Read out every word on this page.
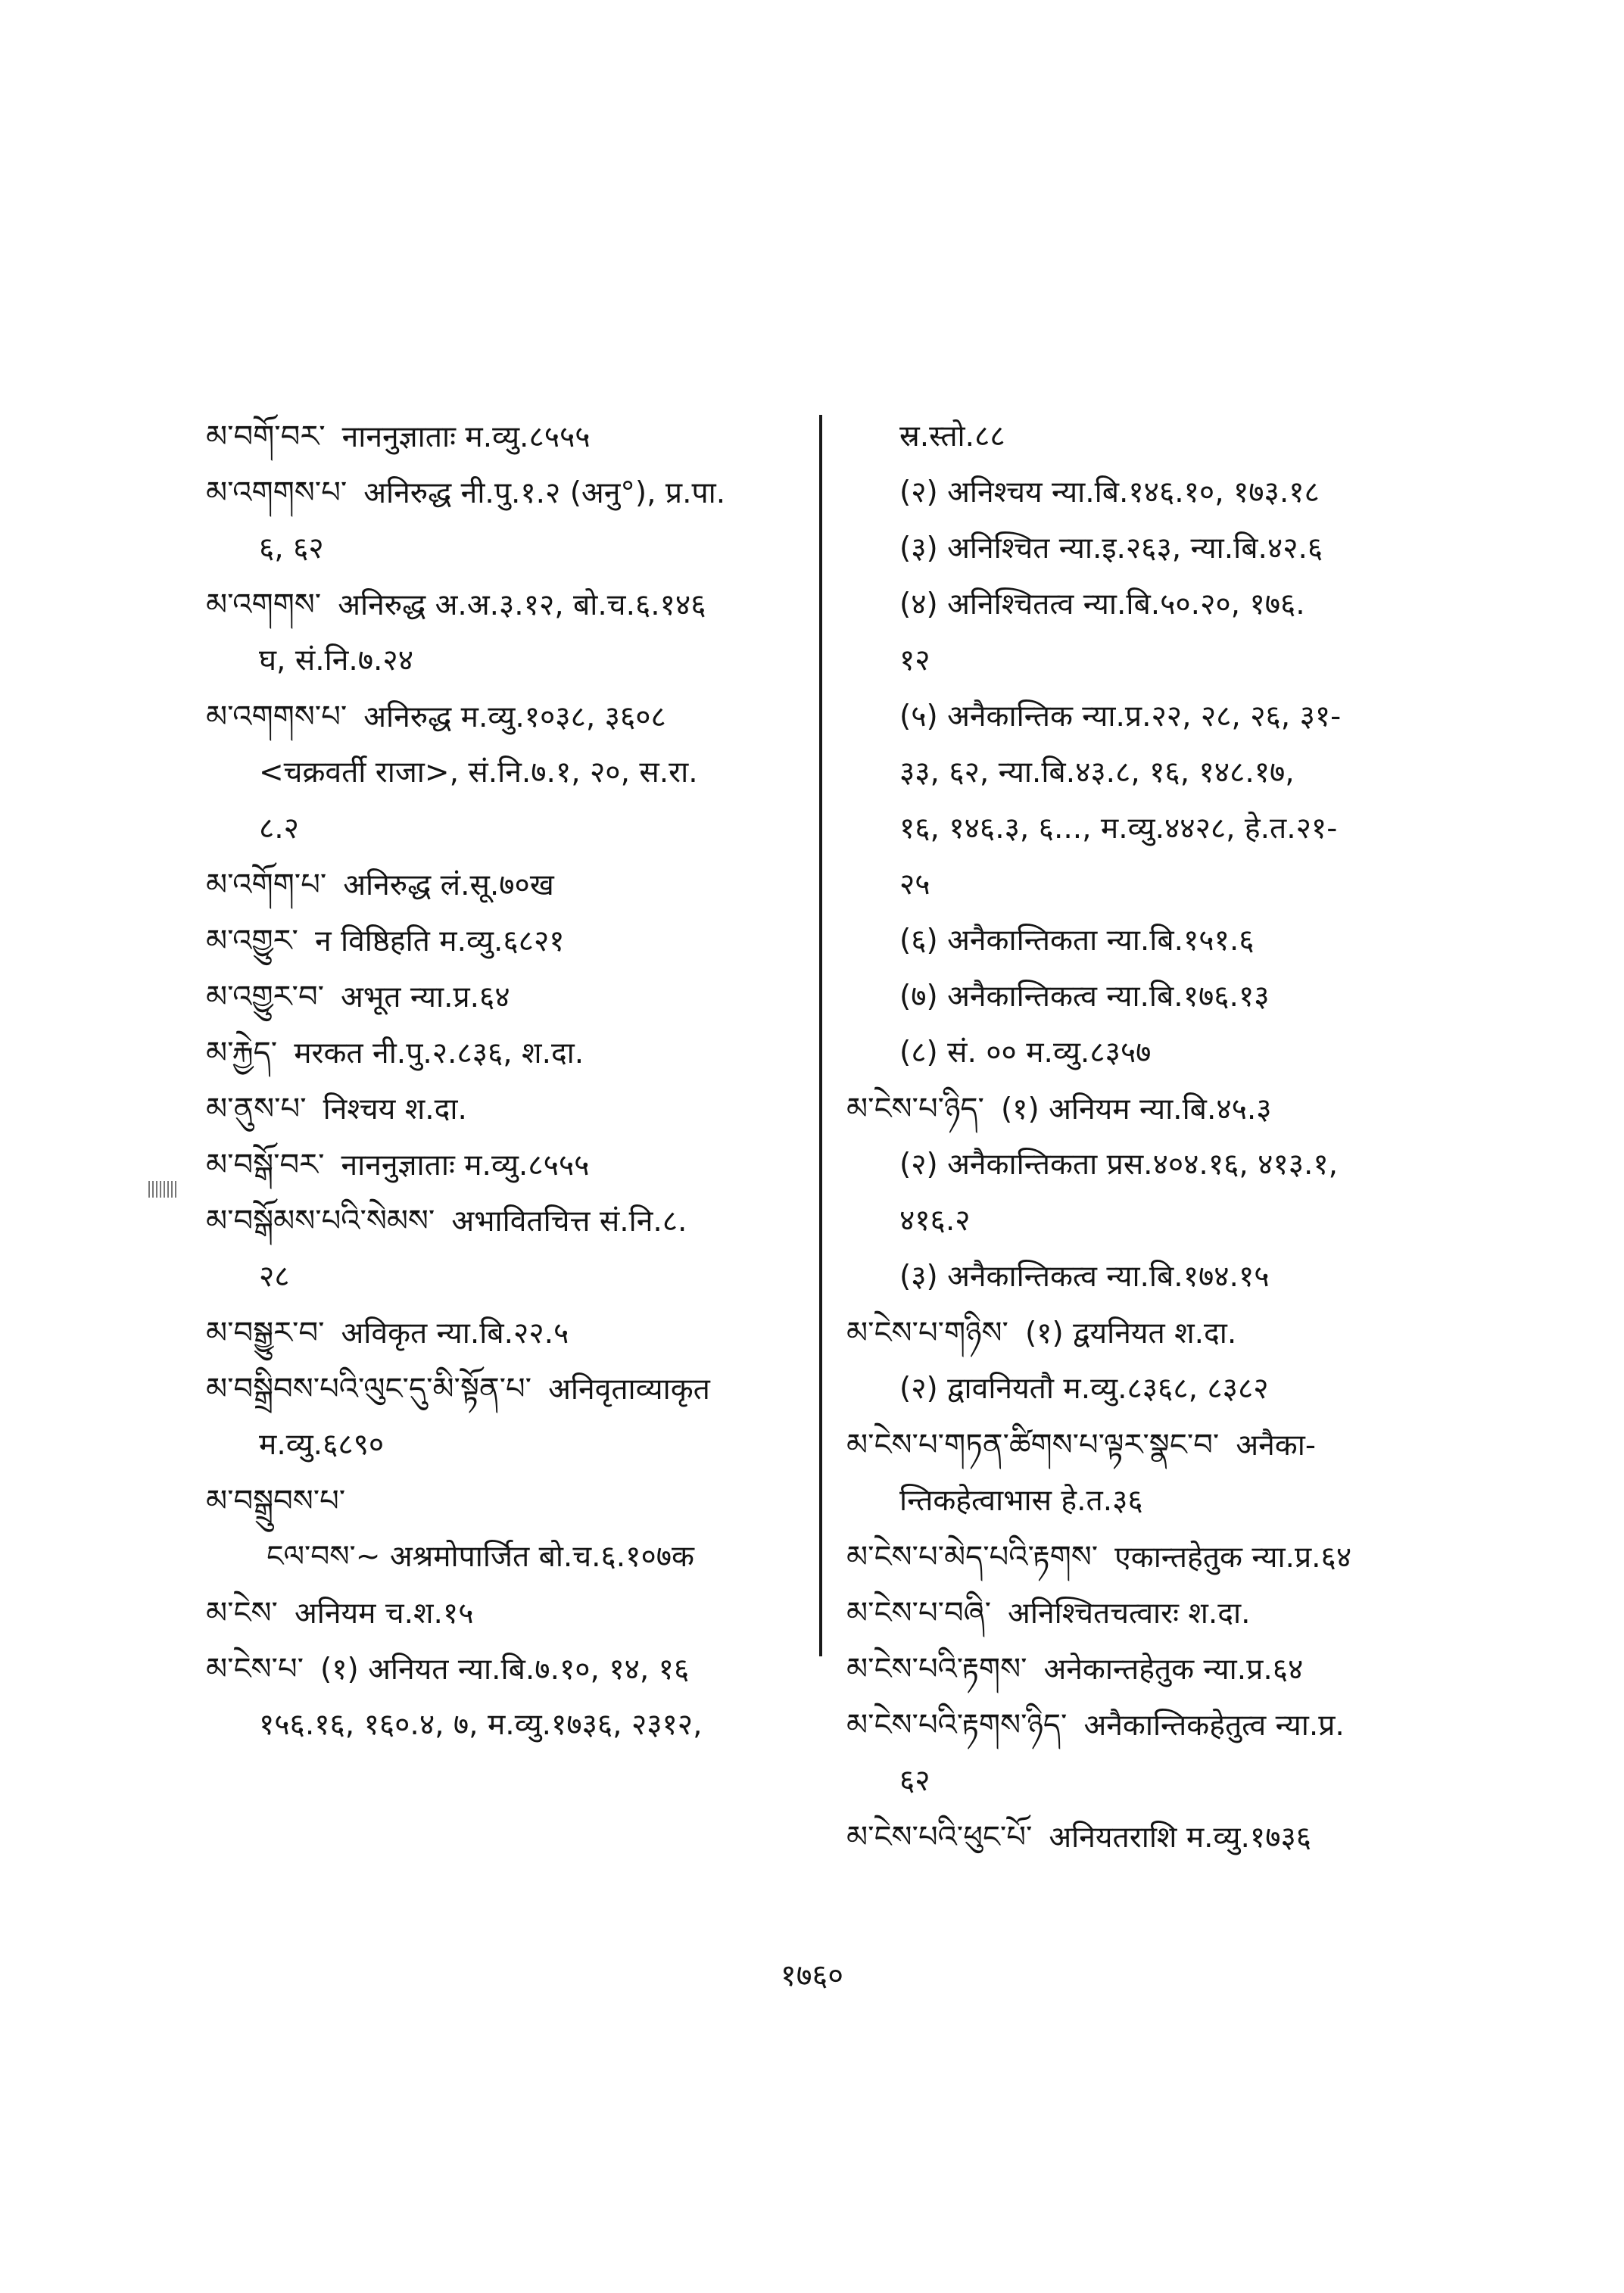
མ་བགོ་བར་ नाननुज्ञाताः म.व्यु.८५५५
མ་འགགས་པ་ अनिरुद्ध नी.पु.१.२ (अनु°), प्र.पा.
६, ६२
མ་འགགས་ अनिरुद्ध अ.अ.३.१२, बो.च.६.१४६
घ, सं.नि.७.२४
མ་འགགས་པ་ अनिरुद्ध म.व्यु.१०३८, ३६०८
<चक्रवर्ती राजा>, सं.नि.७.१, २०, स.रा.
८.२
མ་འགོག་པ་ अनिरुद्ध लं.सू.७०ख
མ་འགྱུར་ न विष्ठिहति म.व्यु.६८२१
མ་འགྱུར་བ་ अभूत न्या.प्र.६४
མ་རྐྱེད་ मरकत नी.पु.२.८३६, श.दा.
མ་ནུས་པ་ निश्चय श.दा.
མ་བསྒོ་བར་ नाननुज्ञाताः म.व्यु.८५५५
མ་བསྒོམས་པའི་སེམས་ अभावितचित्त सं.नि.८.
२८
མ་བསྒྱུར་བ་ अविकृत न्या.बि.२२.५
མ་བསྒྲིབས་པའི་ལུང་དུ་མི་སྟོན་པ་ अनिवृताव्याकृत
म.व्यु.६८९०
མ་བསྒྲུབས་པ་
ངལ་བས་~ अश्रमोपार्जित बो.च.६.१०७क
མ་ངེས་ अनियम च.श.१५
མ་ངེས་པ་ (१) अनियत न्या.बि.७.१०, १४, १६
१५६.१६, १६०.४, ७, म.व्यु.१७३६, २३१२,
स्र.स्तो.८८
(२) अनिश्चय न्या.बि.१४६.१०, १७३.१८
(३) अनिश्चित न्या.इ.२६३, न्या.बि.४२.६
(४) अनिश्चितत्व न्या.बि.५०.२०, १७६.
१२
(५) अनैकान्तिक न्या.प्र.२२, २८, २६, ३१-
३३, ६२, न्या.बि.४३.८, १६, १४८.१७,
१६, १४६.३, ६..., म.व्यु.४४२८, हे.त.२१-
२५
(६) अनैकान्तिकता न्या.बि.१५१.६
(७) अनैकान्तिकत्व न्या.बि.१७६.१३
(८) सं. ०० म.व्यु.८३५७
མ་ངེས་པ་ཉིད་ (१) अनियम न्या.बि.४५.३
(२) अनैकान्तिकता प्रस.४०४.१६, ४१३.१,
४१६.२
(३) अनैकान्तिकत्व न्या.बि.१७४.१५
མ་ངེས་པ་གཉིས་ (१) द्वयनियत श.दा.
(२) द्वावनियतौ म.व्यु.८३६८, ८३८२
མ་ངེས་པ་གཏན་ཚིགས་པ་ལྟར་སྣང་བ་ अनैका-
न्तिकहेत्वाभास हे.त.३६
མ་ངེས་པ་མེད་པའི་རྟགས་ एकान्तहेतुक न्या.प्र.६४
མ་ངེས་པ་བཞི་ अनिश्चितचत्वारः श.दा.
མ་ངེས་པའི་རྟགས་ अनेकान्तहेतुक न्या.प्र.६४
མ་ངེས་པའི་རྟགས་ཉིད་ अनैकान्तिकहेतुत्व न्या.प्र.
६२
མ་ངེས་པའི་ཕུང་པོ་ अनियतराशि म.व्यु.१७३६
१७६०
